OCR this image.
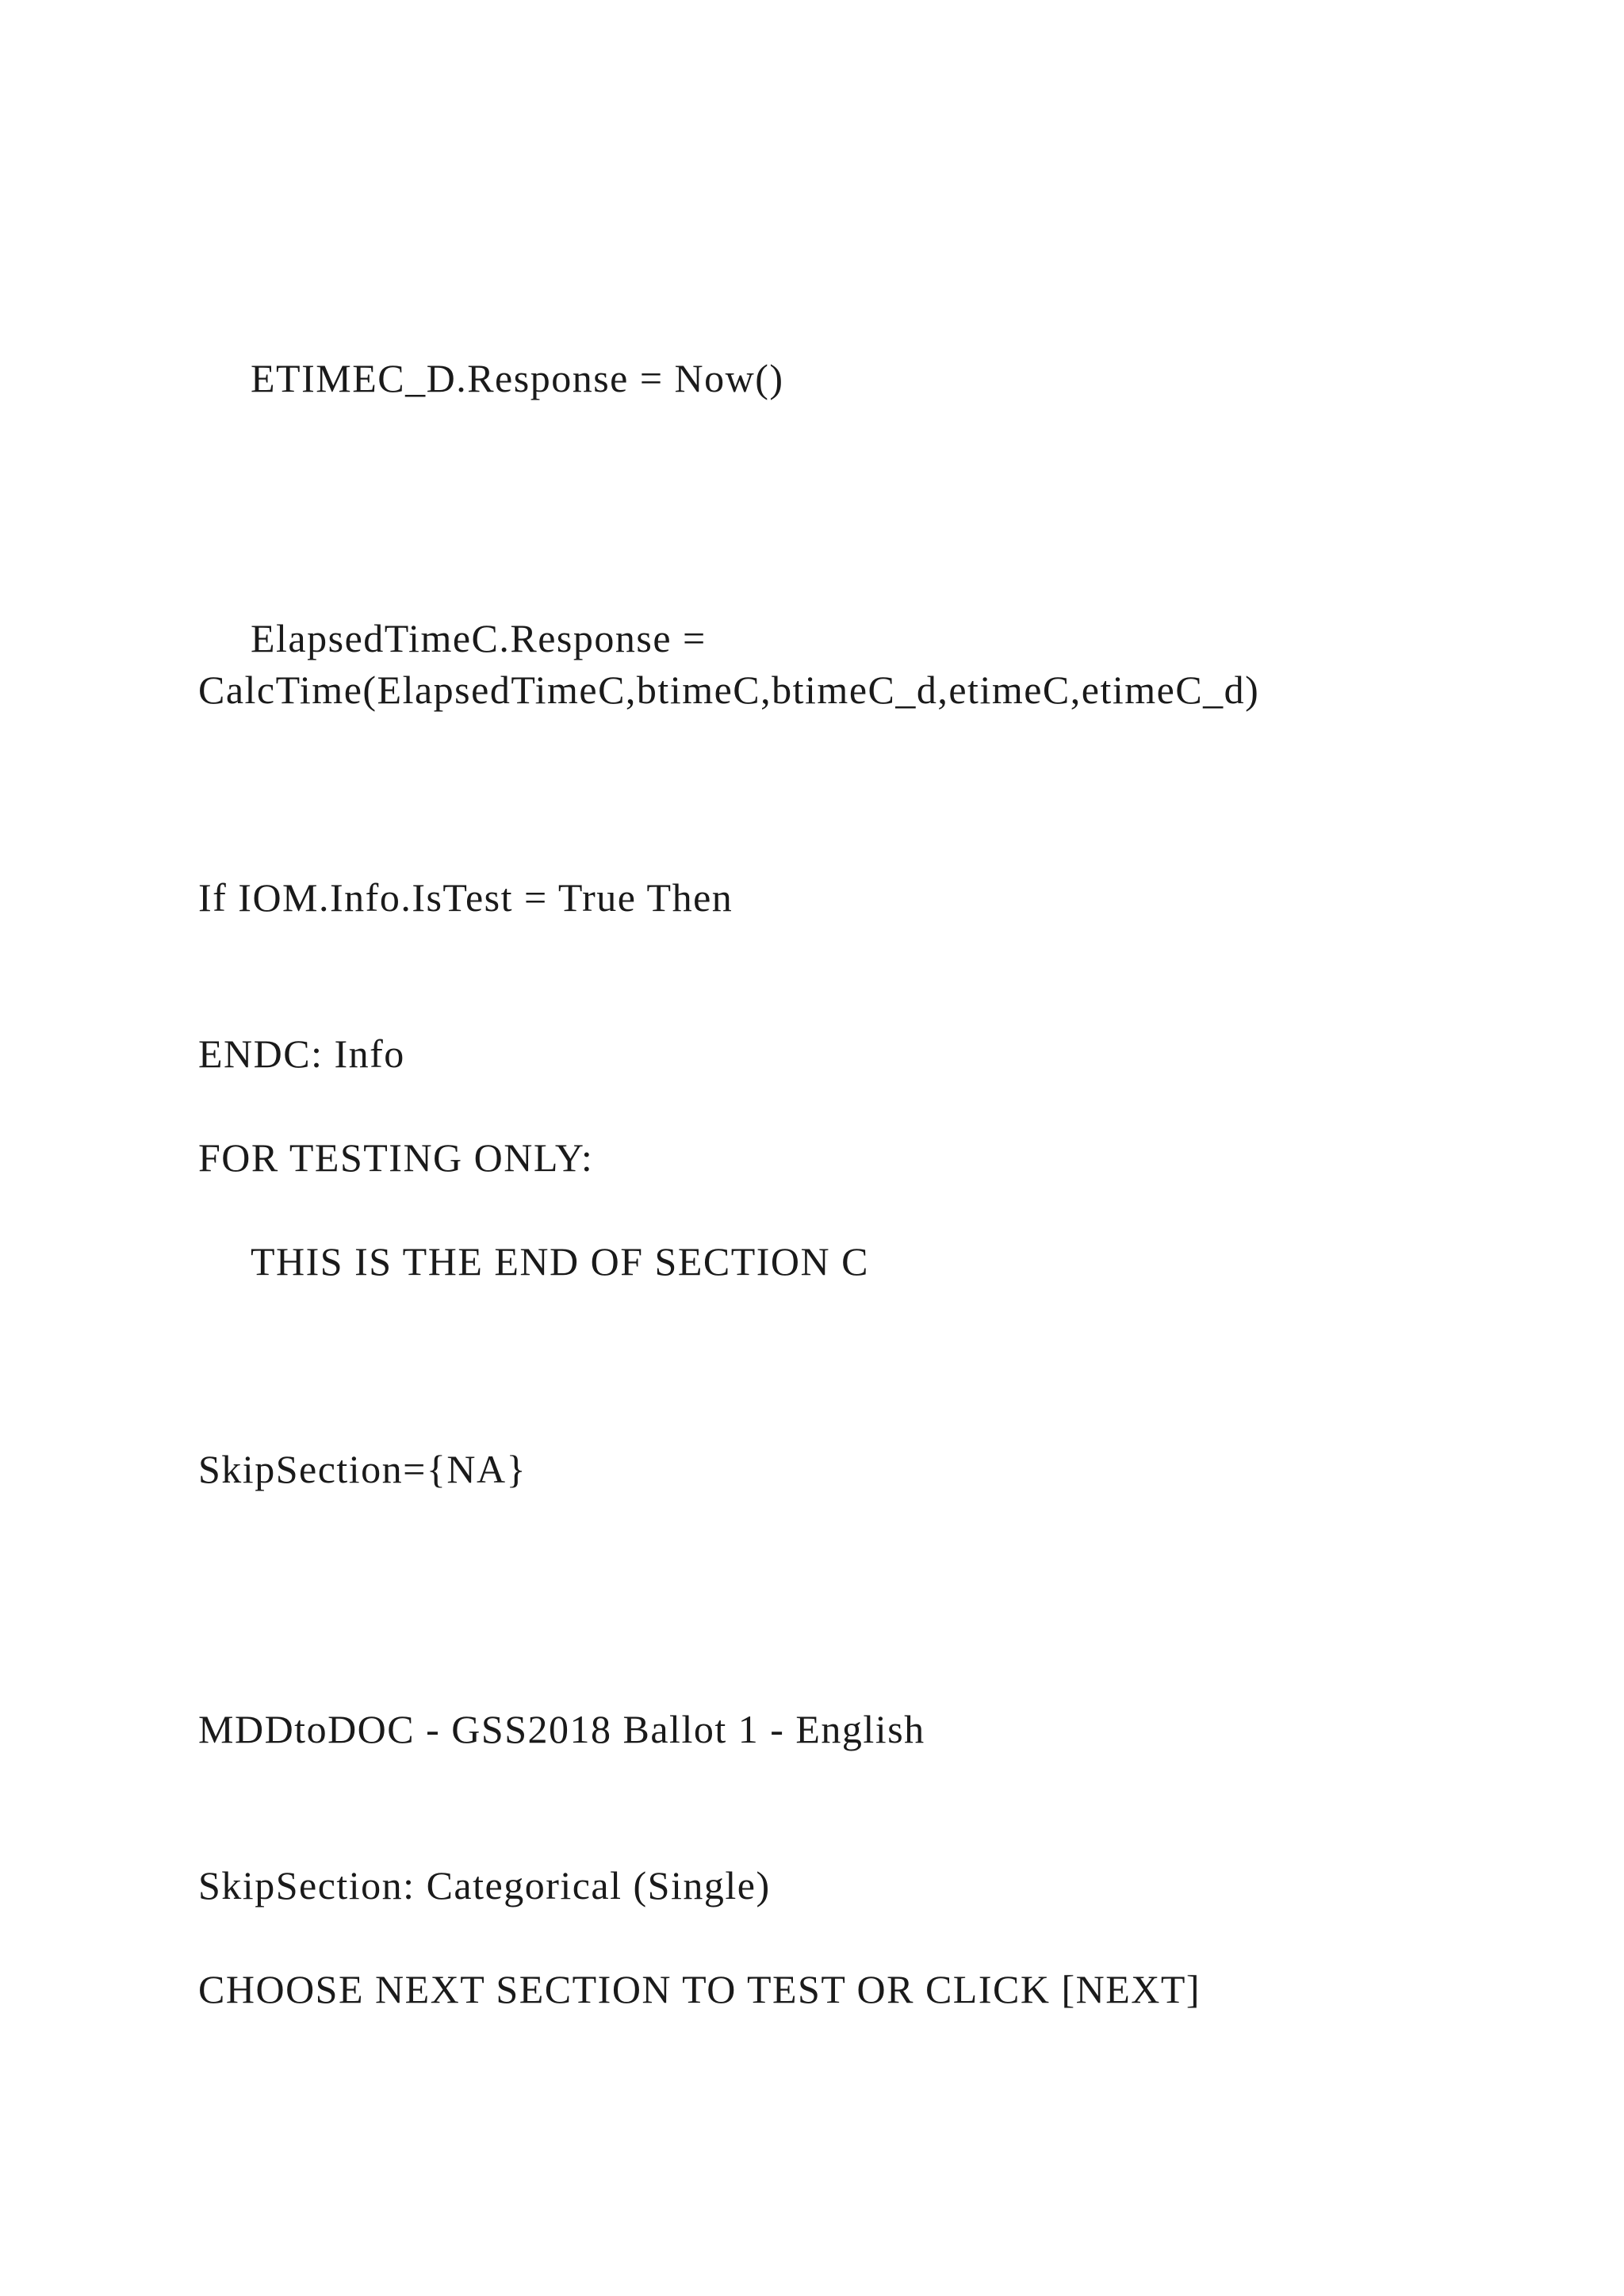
ETIMEC_D.Response = Now()
ElapsedTimeC.Response =
CalcTime(ElapsedTimeC,btimeC,btimeC_d,etimeC,etimeC_d)
If IOM.Info.IsTest = True Then
ENDC: Info
FOR TESTING ONLY:
THIS IS THE END OF SECTION C
SkipSection={NA}
MDDtoDOC - GSS2018 Ballot 1 - English
SkipSection: Categorical (Single)
CHOOSE NEXT SECTION TO TEST OR CLICK [NEXT]
